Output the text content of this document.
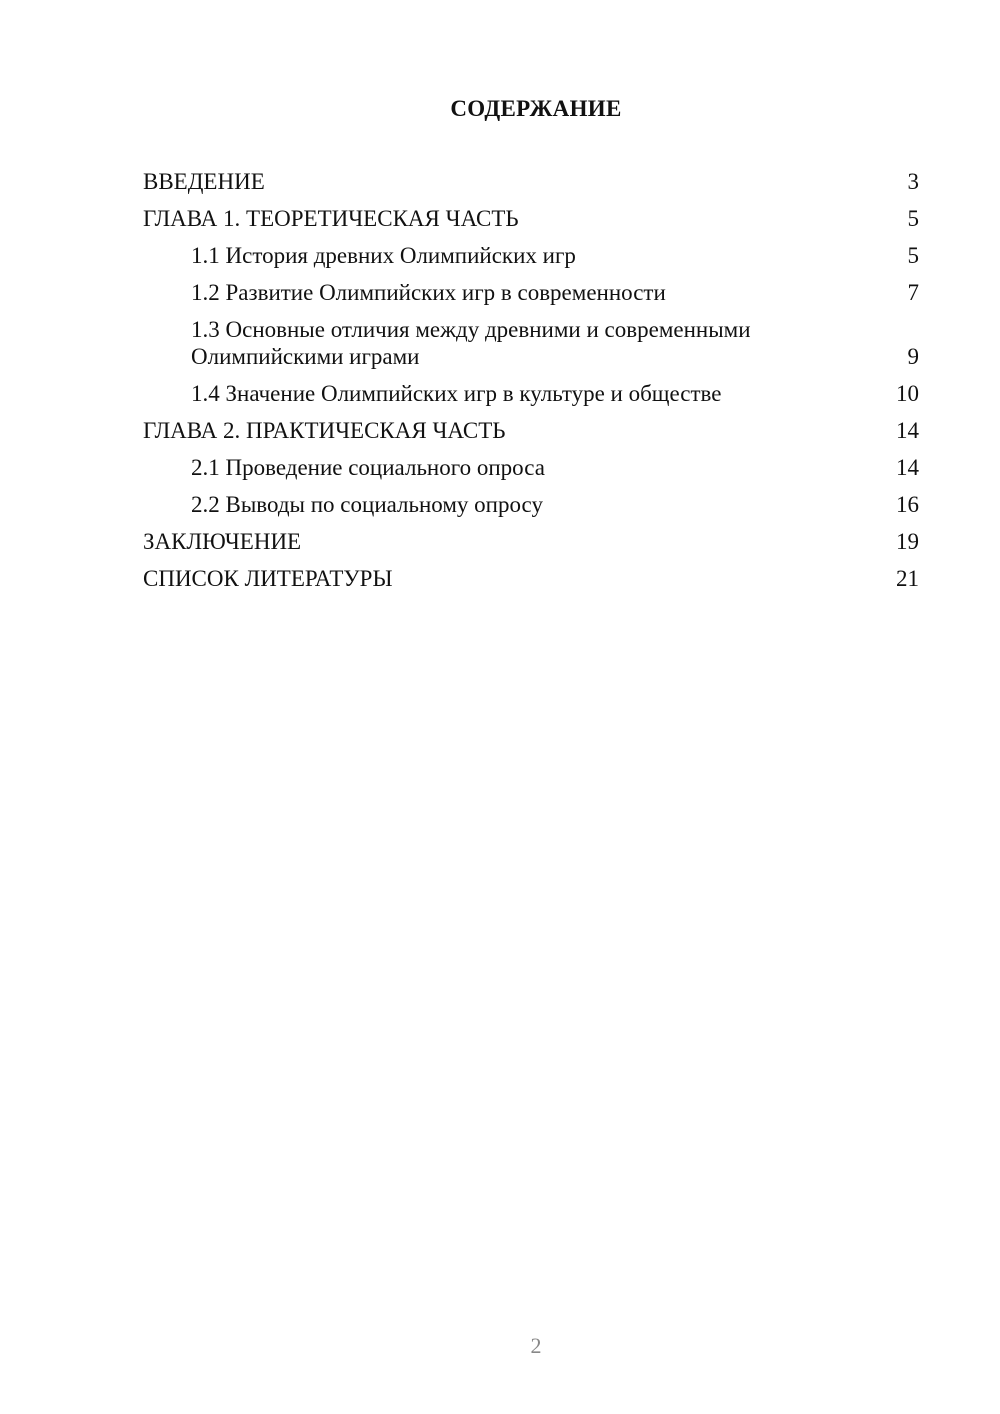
СОДЕРЖАНИЕ
ВВЕДЕНИЕ	3
ГЛАВА 1. ТЕОРЕТИЧЕСКАЯ ЧАСТЬ	5
1.1 История древних Олимпийских игр	5
1.2 Развитие Олимпийских игр в современности	7
1.3 Основные отличия между древними и современными Олимпийскими играми	9
1.4 Значение Олимпийских игр в культуре и обществе	10
ГЛАВА 2. ПРАКТИЧЕСКАЯ ЧАСТЬ	14
2.1 Проведение социального опроса	14
2.2 Выводы по социальному опросу	16
ЗАКЛЮЧЕНИЕ	19
СПИСОК ЛИТЕРАТУРЫ	21
2
